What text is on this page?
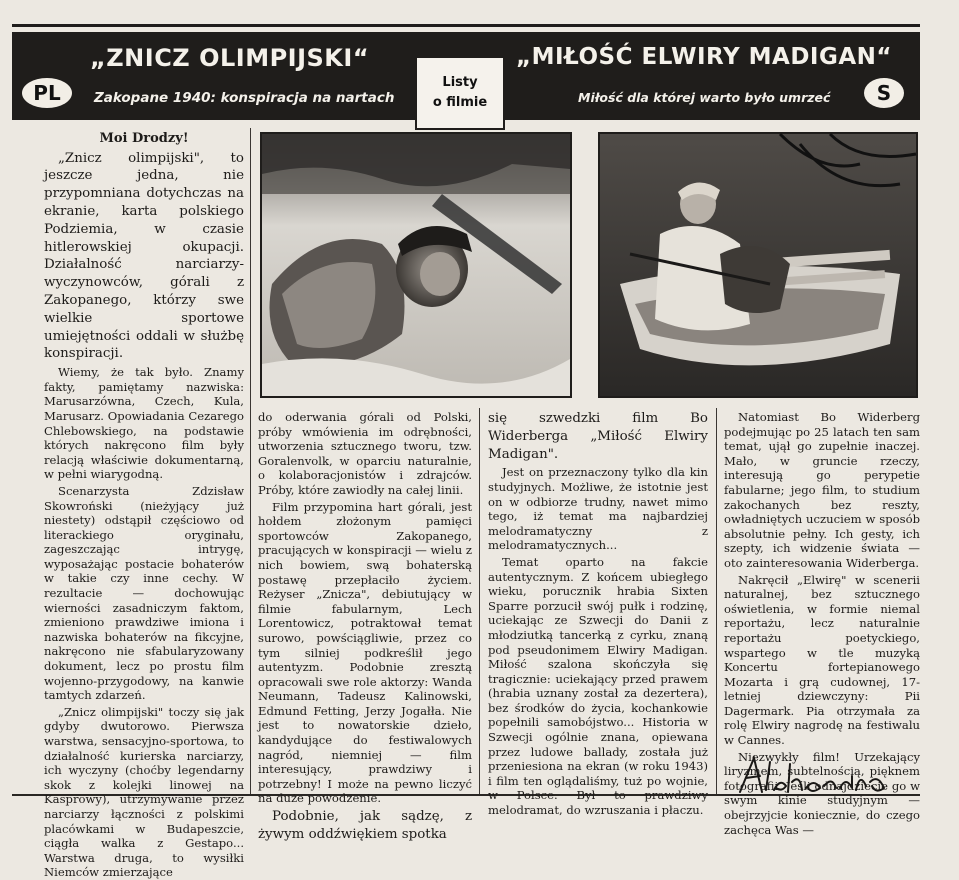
PL
„ZNICZ OLIMPIJSKI“
Zakopane 1940: konspiracja na nartach
Listy
o filmie
„MIŁOŚĆ ELWIRY MADIGAN“
Miłość dla której warto było umrzeć	S

Moi Drodzy!

„Znicz olimpijski", to jeszcze jedna, nie przypomniana dotychczas na ekranie, karta polskiego Podziemia, w czasie hitlerowskiej okupacji. Działalność narciarzy-wyczynowców, górali z Zakopanego, którzy swe wielkie sportowe umiejętności oddali w służbę konspiracji.

Wiemy, że tak było. Znamy fakty, pamiętamy nazwiska: Marusarzówna, Czech, Kula, Marusarz. Opowiadania Cezarego Chlebowskiego, na podstawie których nakręcono film były relacją właściwie dokumentarną, w pełni wiarygodną.

Scenarzysta Zdzisław Skowroński (nieżyjący już niestety) odstąpił częściowo od literackiego oryginału, zageszczając intrygę, wyposażając postacie bohaterów w takie czy inne cechy. W rezultacie — dochowując wierności zasadniczym faktom, zmieniono prawdziwe imiona i nazwiska bohaterów na fikcyjne, nakręcono nie sfabularyzowany dokument, lecz po prostu film wojenno-przygodowy, na kanwie tamtych zdarzeń.

„Znicz olimpijski" toczy się jak gdyby dwutorowo. Pierwsza warstwa, sensacyjno-sportowa, to działalność kurierska narciarzy, ich wyczyny (choćby legendarny skok z kolejki linowej na Kasprowy), utrzymywanie przez narciarzy łączności z polskimi placówkami w Budapeszcie, ciągła walka z Gestapo... Warstwa druga, to wysiłki Niemców zmierzające

do oderwania górali od Polski, próby wmówienia im odrębności, utworzenia sztucznego tworu, tzw. Goralenvolk, w oparciu naturalnie, o kolaboracjonistów i zdrajców. Próby, które zawiodły na całej linii.

Film przypomina hart górali, jest hołdem złożonym pamięci sportowców Zakopanego, pracujących w konspiracji — wielu z nich bowiem, swą bohaterską postawę przepłaciło życiem. Reżyser „Znicza", debiutujący w filmie fabularnym, Lech Lorentowicz, potraktował temat surowo, powściągliwie, przez co tym silniej podkreślił jego autentyzm. Podobnie zresztą opracowali swe role aktorzy: Wanda Neumann, Tadeusz Kalinowski, Edmund Fetting, Jerzy Jogałła. Nie jest to nowatorskie dzieło, kandydujące do festiwalowych nagród, niemniej — film interesujący, prawdziwy i potrzebny! I może na pewno liczyć na duże powodzenie.

Podobnie, jak sądzę, z żywym oddźwiękiem spotka

się szwedzki film Bo Widerberga „Miłość Elwiry Madigan".

Jest on przeznaczony tylko dla kin studyjnych. Możliwe, że istotnie jest on w odbiorze trudny, nawet mimo tego, iż temat ma najbardziej melodramatyczny z melodramatycznych...

Temat oparto na fakcie autentycznym. Z końcem ubiegłego wieku, porucznik hrabia Sixten Sparre porzucił swój pułk i rodzinę, uciekając ze Szwecji do Danii z młodziutką tancerką z cyrku, znaną pod pseudonimem Elwiry Madigan. Miłość szalona skończyła się tragicznie: uciekający przed prawem (hrabia uznany został za dezertera), bez środków do życia, kochankowie popełnili samobójstwo... Historia w Szwecji ogólnie znana, opiewana przez ludowe ballady, została już przeniesiona na ekran (w roku 1943) i film ten oglądaliśmy, tuż po wojnie, w Polsce. Był to prawdziwy melodramat, do wzruszania i płaczu.

Natomiast Bo Widerberg podejmując po 25 latach ten sam temat, ujął go zupełnie inaczej. Mało, w gruncie rzeczy, interesują go perypetie fabularne; jego film, to studium zakochanych bez reszty, owładniętych uczuciem w sposób absolutnie pełny. Ich gesty, ich szepty, ich widzenie świata — oto zainteresowania Widerberga.

Nakręcił „Elwirę" w scenerii naturalnej, bez sztucznego oświetlenia, w formie niemal reportażu, lecz naturalnie reportażu poetyckiego, wspartego w tle muzyką Koncertu fortepianowego Mozarta i grą cudownej, 17-letniej dziewczyny: Pii Dagermark. Pia otrzymała za rolę Elwiry nagrodę na festiwalu w Cannes.

Niezwykły film! Urzekający liryzmem, subtelnością, pięknem fotografii. Jeśli odnajdziecie go w swym kinie studyjnym — obejrzyjcie koniecznie, do czego zachęca Was —
